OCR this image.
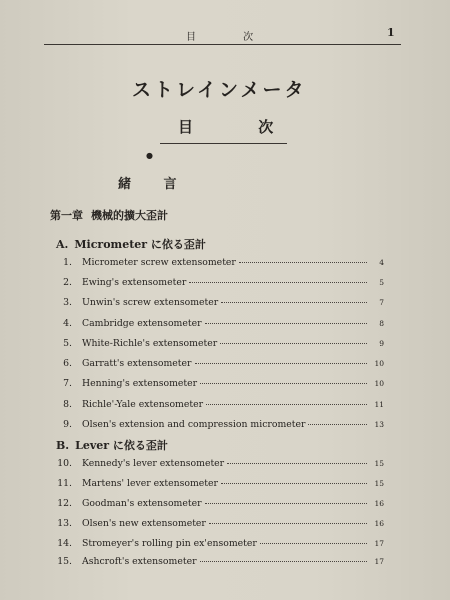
目 次	1
ストレインメータ
目 次
●
緒 言
第一章 機械的擴大歪計
A. Micrometer に依る歪計
1. Micrometer screw extensometer	4
2. Ewing's extensometer	5
3. Unwin's screw extensometer	7
4. Cambridge extensometer	8
5. White-Richle's extensometer	9
6. Garratt's extensometer	10
7. Henning's extensometer	10
8. Richle'-Yale extensometer	11
9. Olsen's extension and compression micrometer	13
B. Lever に依る歪計
10. Kennedy's lever extensometer	15
11. Martens' lever extensometer	15
12. Goodman's extensometer	16
13. Olsen's new extensometer	16
14. Stromeyer's rolling pin ex'ensometer	17
15. Ashcroft's extensometer	17
